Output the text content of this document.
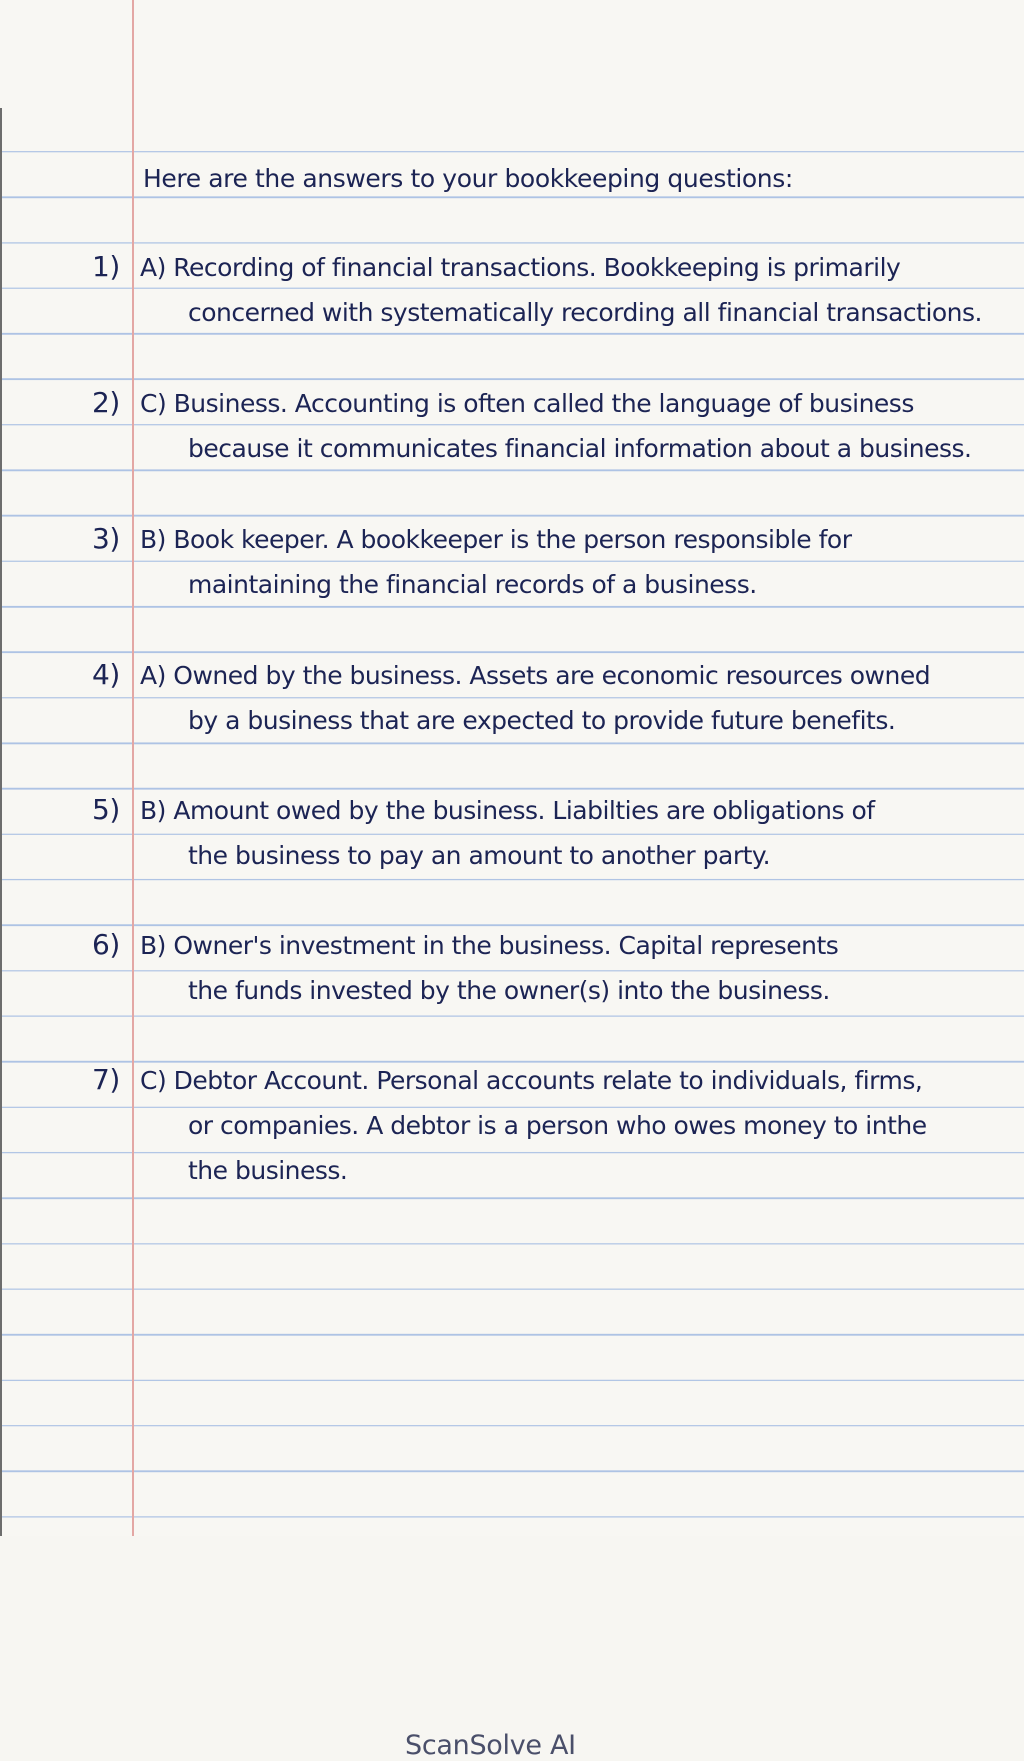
Here are the answers to your bookkeeping questions:
1) A) Recording of financial transactions. Bookkeeping is primarily
concerned with systematically recording all financial transactions.
2) C) Business. Accounting is often called the language of business
because it communicates financial information about a business.
3) B) Book keeper. A bookkeeper is the person responsible for
maintaining the financial records of a business.
4) A) Owned by the business. Assets are economic resources owned
by a business that are expected to provide future benefits.
5) B) Amount owed by the business. Liabilties are obligations of
the business to pay an amount to another party.
6) B) Owner's investment in the business. Capital represents
the funds invested by the owner(s) into the business.
7) C) Debtor Account. Personal accounts relate to individuals, firms,
or companies. A debtor is a person who owes money to inthe
the business.
ScanSolve AI
